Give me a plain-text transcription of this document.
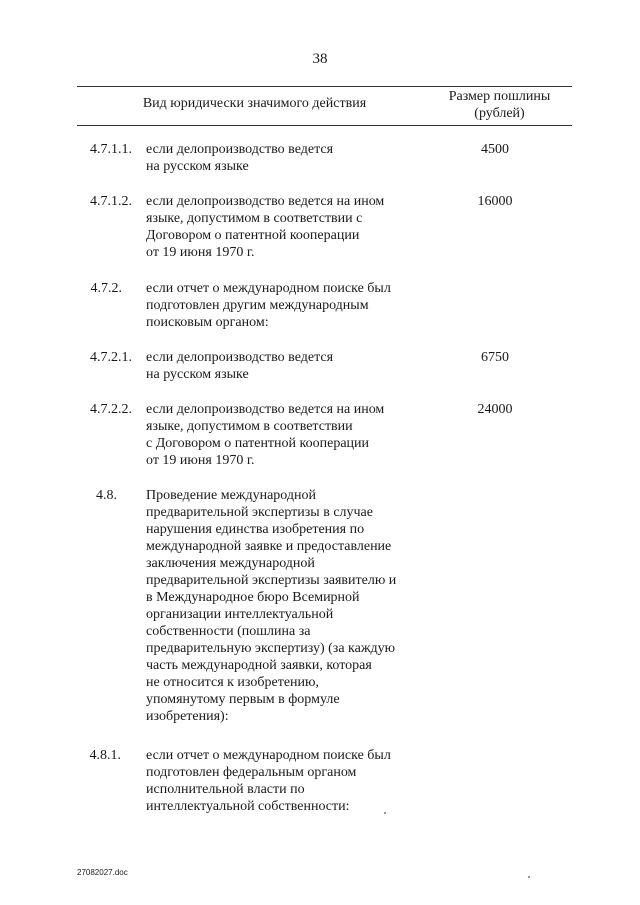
38
Вид юридически значимого действия	Размер пошлины
(рублей)
4.7.1.1. если делопроизводство ведется
на русском языке
4500
4.7.1.2. если делопроизводство ведется на ином
языке, допустимом в соответствии с
Договором о патентной кооперации
от 19 июня 1970 г.
16000
4.7.2. если отчет о международном поиске был
подготовлен другим международным
поисковым органом:
4.7.2.1. если делопроизводство ведется
на русском языке
6750
4.7.2.2. если делопроизводство ведется на ином
языке, допустимом в соответствии
с Договором о патентной кооперации
от 19 июня 1970 г.
24000
4.8. Проведение международной
предварительной экспертизы в случае
нарушения единства изобретения по
международной заявке и предоставление
заключения международной
предварительной экспертизы заявителю и
в Международное бюро Всемирной
организации интеллектуальной
собственности (пошлина за
предварительную экспертизу) (за каждую
часть международной заявки, которая
не относится к изобретению,
упомянутому первым в формуле
изобретения):
4.8.1. если отчет о международном поиске был
подготовлен федеральным органом
исполнительной власти по
интеллектуальной собственности:
27082027.doc
